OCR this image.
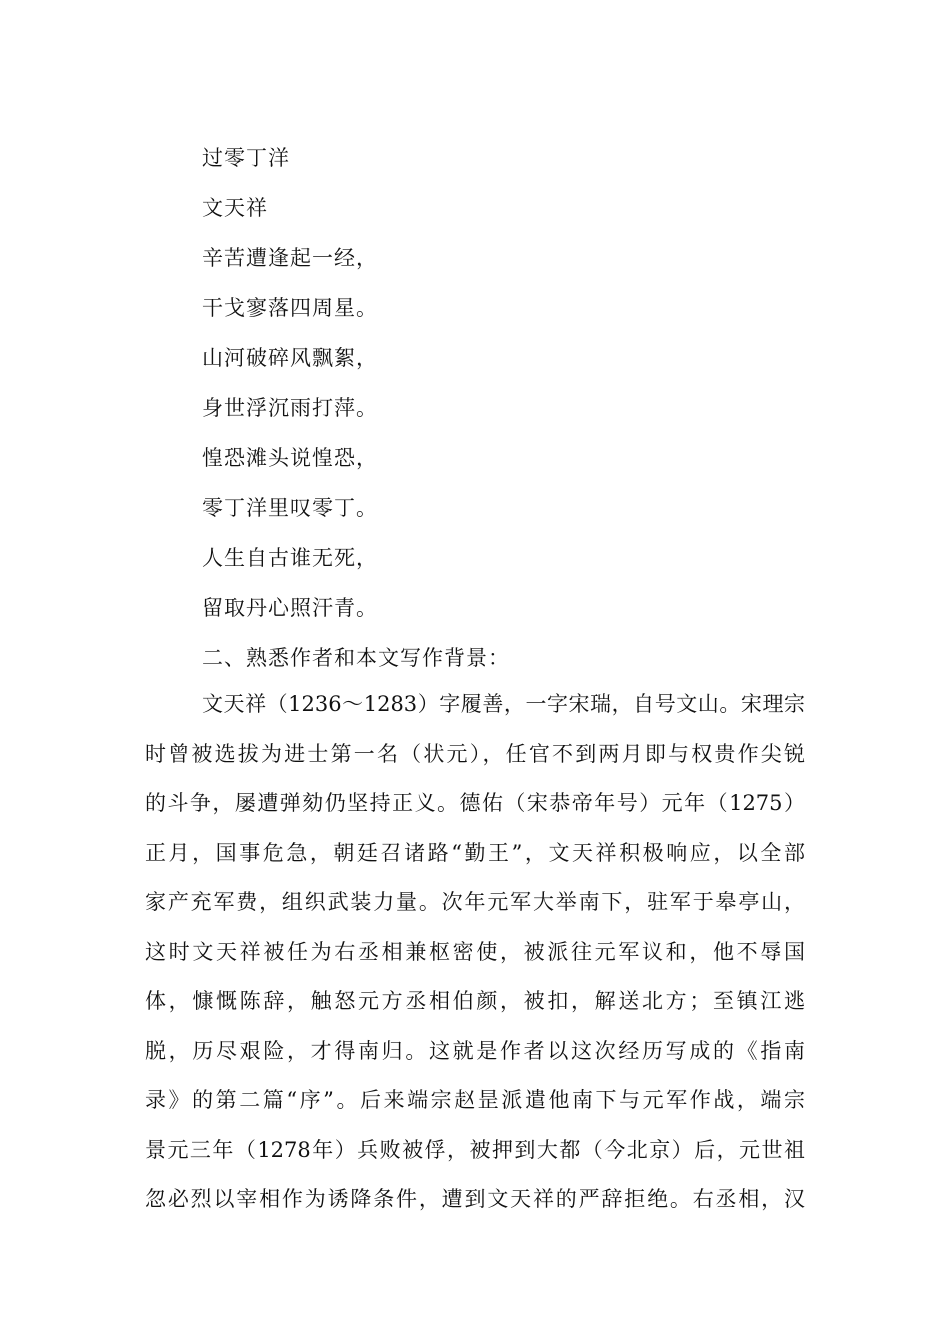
过零丁洋
文天祥
辛苦遭逢起一经，
干戈寥落四周星。
山河破碎风飘絮，
身世浮沉雨打萍。
惶恐滩头说惶恐，
零丁洋里叹零丁。
人生自古谁无死，
留取丹心照汗青。
二、熟悉作者和本文写作背景：
文天祥（1236～1283）字履善，一字宋瑞，自号文山。宋理宗
时曾被选拔为进士第一名（状元），任官不到两月即与权贵作尖锐
的斗争，屡遭弹劾仍坚持正义。德佑（宋恭帝年号）元年（1275）
正月，国事危急，朝廷召诸路“勤王”，文天祥积极响应，以全部
家产充军费，组织武装力量。次年元军大举南下，驻军于皋亭山，
这时文天祥被任为右丞相兼枢密使，被派往元军议和，他不辱国
体，慷慨陈辞，触怒元方丞相伯颜，被扣，解送北方；至镇江逃
脱，历尽艰险，才得南归。这就是作者以这次经历写成的《指南
录》的第二篇“序”。后来端宗赵昰派遣他南下与元军作战，端宗
景元三年（1278年）兵败被俘，被押到大都（今北京）后，元世祖
忽必烈以宰相作为诱降条件，遭到文天祥的严辞拒绝。右丞相，汉
